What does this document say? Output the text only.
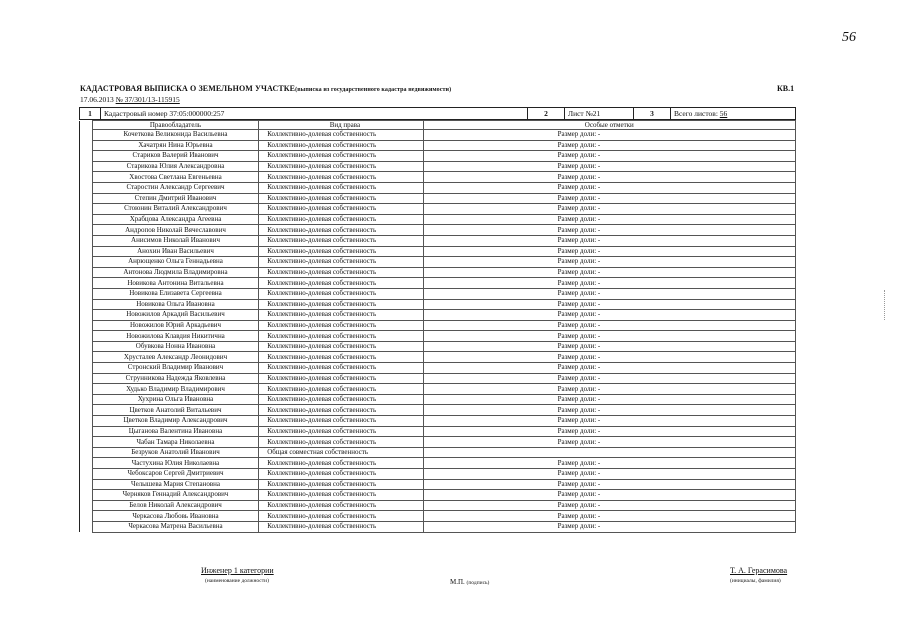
56
КАДАСТРОВАЯ ВЫПИСКА О ЗЕМЕЛЬНОМ УЧАСТКЕ(выписка из государственного кадастра недвижимости)	КВ.1
17.06.2013 № 37/301/13-115915
1	Кадастровый номер 37:05:000000:257	2	Лист №21	3	Всего листов: 56
	Правообладатель	Вид права	Особые отметки
	Кочеткова Великонида Васильевна	Коллективно-долевая собственность	Размер доли: -
	Хачатрян Нина Юрьевна	Коллективно-долевая собственность	Размер доли: -
	Стариков Валерий Иванович	Коллективно-долевая собственность	Размер доли: -
	Старикова Юлия Александровна	Коллективно-долевая собственность	Размер доли: -
	Хвостова Светлана Евгеньевна	Коллективно-долевая собственность	Размер доли: -
	Старостин Александр Сергеевич	Коллективно-долевая собственность	Размер доли: -
	Степин Дмитрий Иванович	Коллективно-долевая собственность	Размер доли: -
	Стоюнин Виталий Александрович	Коллективно-долевая собственность	Размер доли: -
	Храбцова Александра Агеевна	Коллективно-долевая собственность	Размер доли: -
	Андропов Николай Вячеславович	Коллективно-долевая собственность	Размер доли: -
	Анисимов Николай Иванович	Коллективно-долевая собственность	Размер доли: -
	Анохин Иван Васильевич	Коллективно-долевая собственность	Размер доли: -
	Анрющенко Ольга Геннадьевна	Коллективно-долевая собственность	Размер доли: -
	Антонова Людмила Владимировна	Коллективно-долевая собственность	Размер доли: -
	Новикова Антонина Витальевна	Коллективно-долевая собственность	Размер доли: -
	Новикова Елизавета Сергеевна	Коллективно-долевая собственность	Размер доли: -
	Новикова Ольга Ивановна	Коллективно-долевая собственность	Размер доли: -
	Новожилов Аркадий Васильевич	Коллективно-долевая собственность	Размер доли: -
	Новожилов Юрий Аркадьевич	Коллективно-долевая собственность	Размер доли: -
	Новожилова Клавдия Никитична	Коллективно-долевая собственность	Размер доли: -
	Обувкова Нонна Ивановна	Коллективно-долевая собственность	Размер доли: -
	Хрусталев Александр Леонидович	Коллективно-долевая собственность	Размер доли: -
	Стронский Владимир Иванович	Коллективно-долевая собственность	Размер доли: -
	Струнникова Надежда Яковлевна	Коллективно-долевая собственность	Размер доли: -
	Худько Владимир Владимирович	Коллективно-долевая собственность	Размер доли: -
	Хухрина Ольга Ивановна	Коллективно-долевая собственность	Размер доли: -
	Цветков Анатолий Витальевич	Коллективно-долевая собственность	Размер доли: -
	Цветков Владимир Александрович	Коллективно-долевая собственность	Размер доли: -
	Цыганова Валентина Ивановна	Коллективно-долевая собственность	Размер доли: -
	Чабан Тамара Николаевна	Коллективно-долевая собственность	Размер доли: -
	Безруков Анатолий Иванович	Общая совместная собственность	
	Частухина Юлия Николаевна	Коллективно-долевая собственность	Размер доли: -
	Чебоксаров Сергей Дмитриевич	Коллективно-долевая собственность	Размер доли: -
	Челышева Мария Степановна	Коллективно-долевая собственность	Размер доли: -
	Черняков Геннадий Александрович	Коллективно-долевая собственность	Размер доли: -
	Белов Николай Александрович	Коллективно-долевая собственность	Размер доли: -
	Черкасова Любовь Ивановна	Коллективно-долевая собственность	Размер доли: -
	Черкасова Матрена Васильевна	Коллективно-долевая собственность	Размер доли: -
Инженер 1 категории
(наименование должности)	М.П. (подпись)
Т. А. Герасимова
(инициалы, фамилия)
